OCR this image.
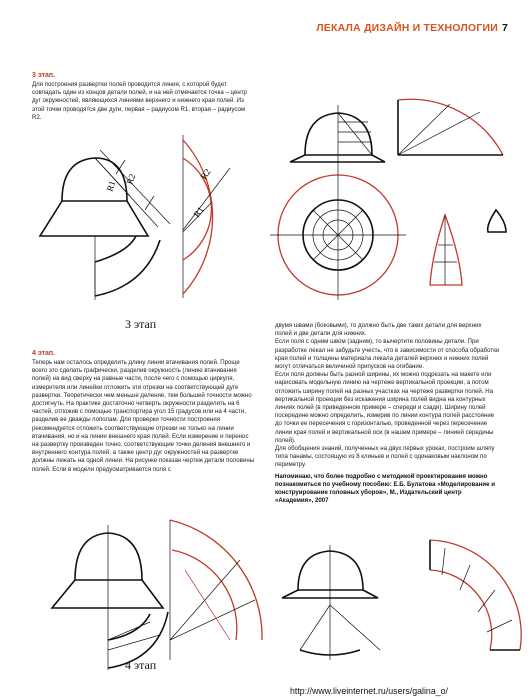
ЛЕКАЛА ДИЗАЙН И ТЕХНОЛОГИИ 7
3 этап.

Для построения развертки полей проводится линия, с которой будет совпадать один из концов детали полей, и на ней отмечается точка – центр дуг окружностей, являющихся линиями верхнего и нижнего края полей. Из этой точки проводятся две дуги, первая – радиусом R1, вторая – радиусом R2.

R1
R2	R2
R1
3 этап
4 этап.

Теперь нам осталось определить длину линии втачивания полей. Проще всего это сделать графически, разделив окружность (линию втачивания полей) на вид сверху на равные части, после чего с помощью циркуля, измерителя или линейки отложить эти отрезки на соответствующей дуге развертки. Теоретически чем меньше деление, тем большей точности можно достигнуть. На практике достаточно четверть окружности разделить на 6 частей, отложив с помощью транспортира угол 15 градусов или на 4 части, разделив ее дважды пополам. Для проверки точности построения рекомендуется отложить соответствующие отрезки не только на линии втачивания, но и на линии внешнего края полей. Если измерение и перенос на развертку произведен точно, соответствующие точки деления внешнего и внутреннего контура полей, а также центр дуг окружностей на развертке должны лежать на одной линии. На рисунке показан чертеж детали половины полей. Если в модели предусматривается поля с

двумя швами (боковыми), то должно быть две таких детали для верхних полей и две детали для нижних.

Если поля с одним швом (задним), то вычертите половины детали. При разработке лекал не забудьте учесть, что в зависимости от способа обработки края полей и толщины материала лекала деталей верхних и нижних полей могут отличаться величиной припусков на огибание.

Если поля должны быть разной ширины, их можно подрезать на макете или нарисовать модельную линию на чертеже вертикальной проекции, а потом отложить ширину полей на разных участках на чертеже развертки полей. На вертикальной проекции без искажения ширина полей видна на контурных линиях полей (в приведенном примере – спереди и сзади). Ширину полей посередине можно определить, измерив по линии контура полей расстояние до точки ее пересечения с горизонталью, проведенной через пересечение линии края полей и вертикальной оси (в нашем примере – линией середины полей).

Для обобщения знаний, полученных на двух первых уроках, построим шляпу типа панамы, состоящую из 8 клиньев и полей с одинаковым наклоном по периметру.

Напоминаю, что более подробно с методикой проектирования можно познакомиться по учебному пособию: Е.Б. Булатова «Моделирование и конструирование головных уборов», М., Издательский центр «Академия», 2007

4 этап
http://www.liveinternet.ru/users/galina_o/
